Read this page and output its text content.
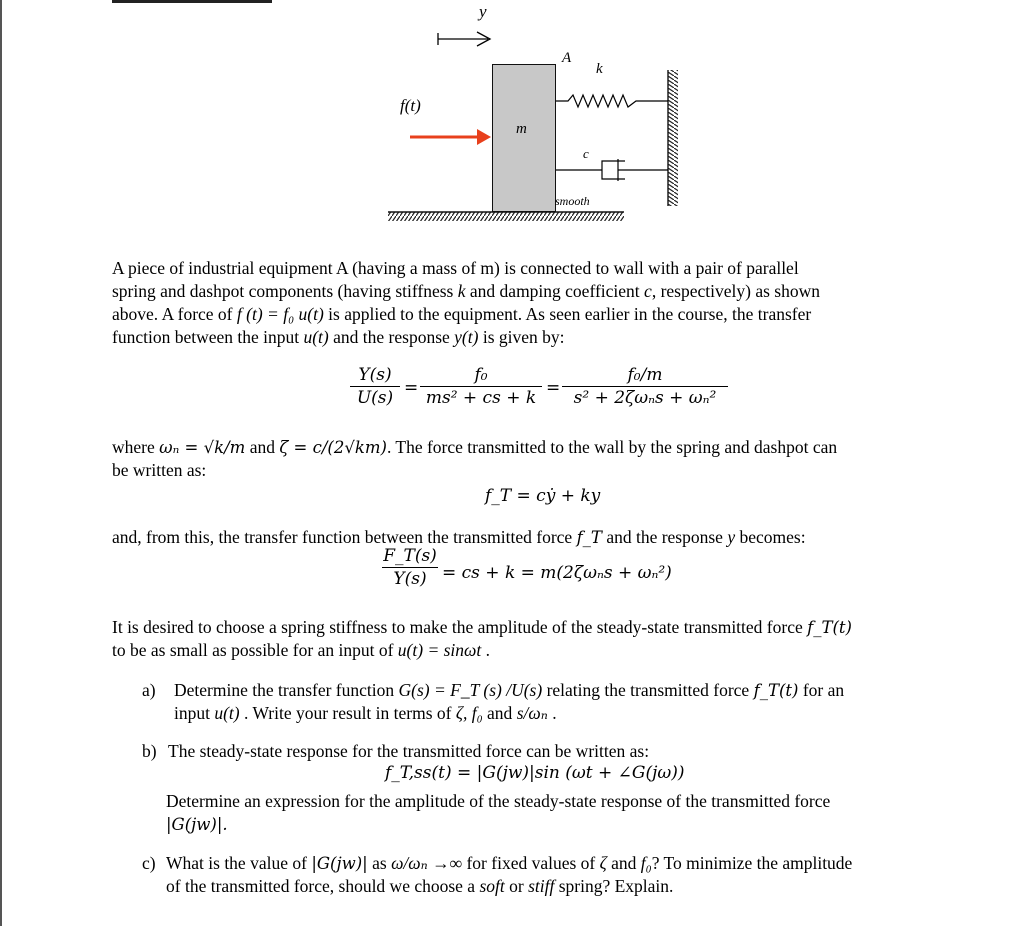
y
f(t)
m
A
k
c
smooth
A piece of industrial equipment A (having a mass of m) is connected to wall with a pair of parallel
spring and dashpot components (having stiffness k and damping coefficient c, respectively) as shown
above. A force of f (t) = f₀ u(t) is applied to the equipment. As seen earlier in the course, the transfer
function between the input u(t) and the response y(t) is given by:
Y(s)
U(s) =
f₀
ms² + cs + k =
f₀/m
s² + 2ζωₙs + ωₙ²
where ωₙ = √k/m and ζ = c/(2√km). The force transmitted to the wall by the spring and dashpot can
be written as:
f_T = cẏ + ky
and, from this, the transfer function between the transmitted force f_T and the response y becomes:
F_T(s)
Y(s) = cs + k = m(2ζωₙs + ωₙ²)
It is desired to choose a spring stiffness to make the amplitude of the steady-state transmitted force f_T(t)
to be as small as possible for an input of u(t) = sinωt .
a) Determine the transfer function G(s) = F_T (s) /U(s) relating the transmitted force f_T(t) for an
input u(t) . Write your result in terms of ζ, f₀ and s/ωₙ .
b) The steady-state response for the transmitted force can be written as:
f_T,ss(t) = |G(jw)|sin (ωt + ∠G(jω))
Determine an expression for the amplitude of the steady-state response of the transmitted force
|G(jw)|.
c) What is the value of |G(jw)| as ω/ωₙ →∞ for fixed values of ζ and f₀? To minimize the amplitude
of the transmitted force, should we choose a soft or stiff spring? Explain.
